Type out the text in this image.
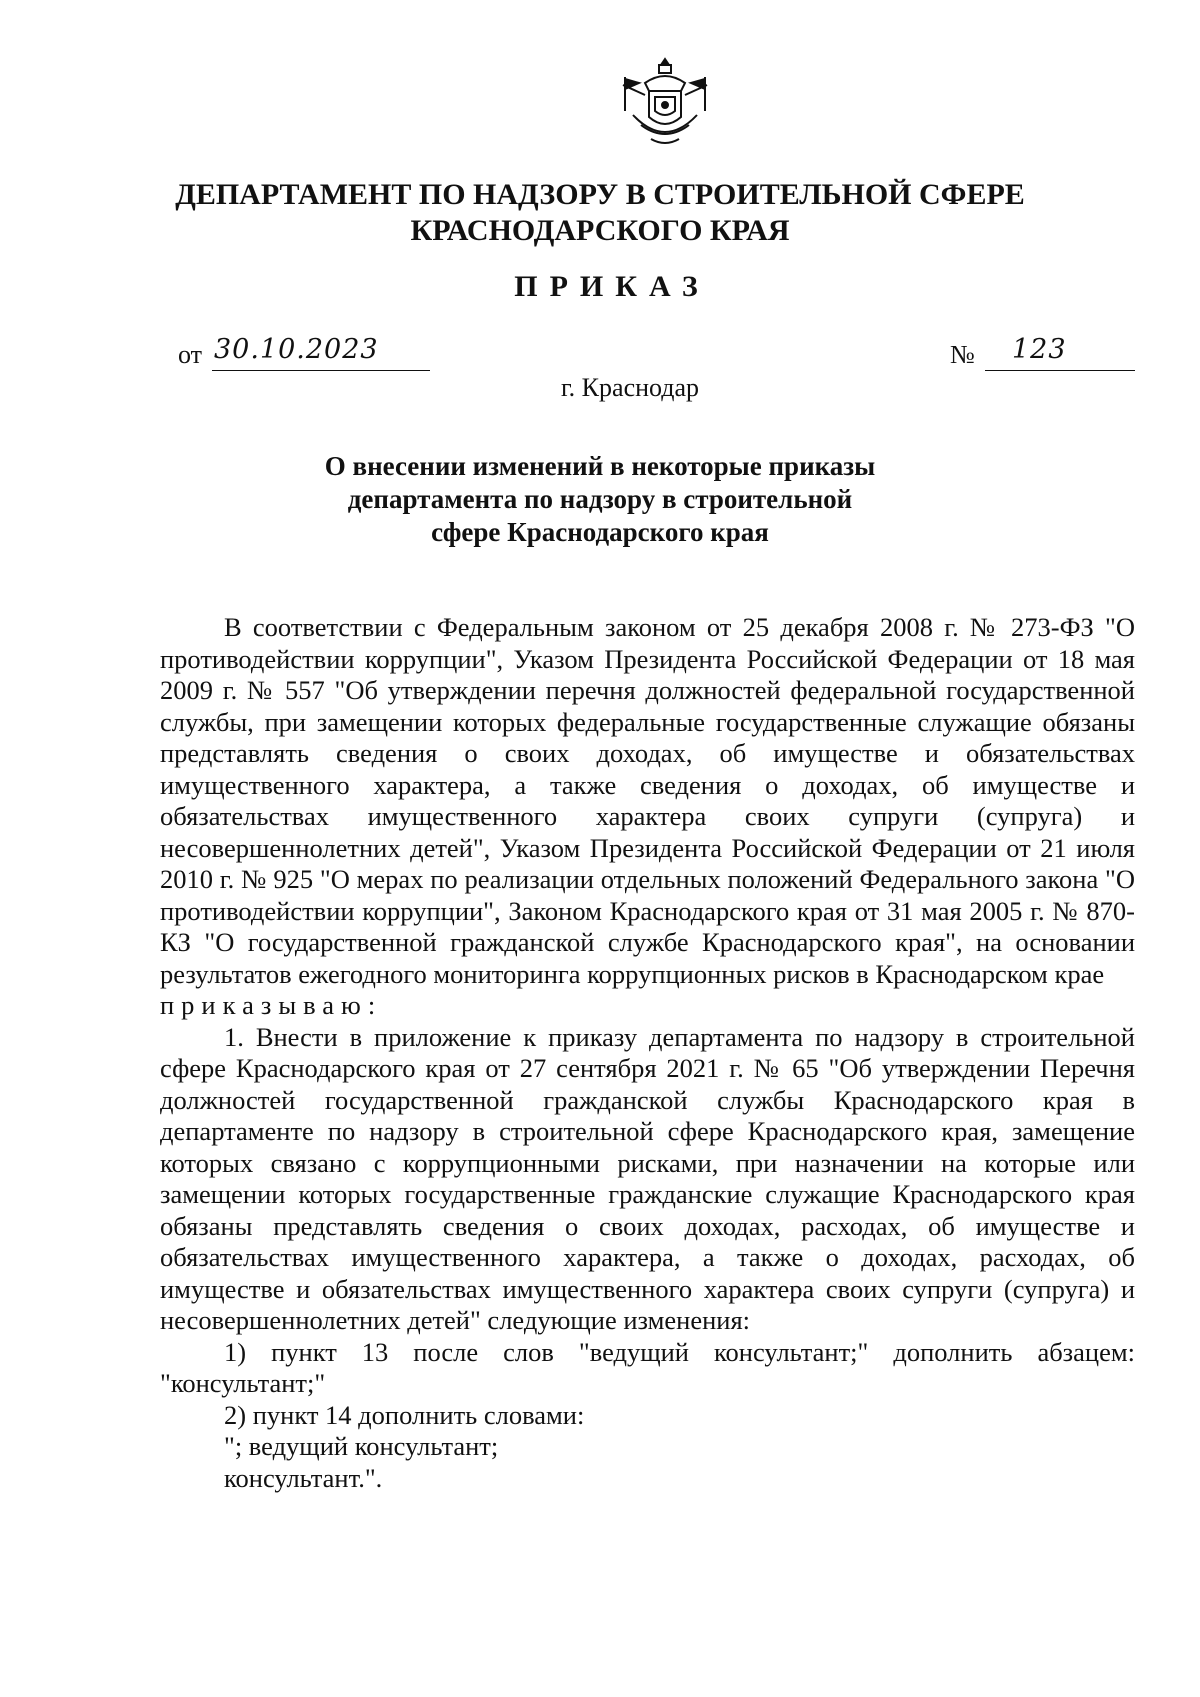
ДЕПАРТАМЕНТ ПО НАДЗОРУ В СТРОИТЕЛЬНОЙ СФЕРЕ
КРАСНОДАРСКОГО КРАЯ
ПРИКАЗ
от 30.10.2023	№ 123
г. Краснодар
О внесении изменений в некоторые приказы
департамента по надзору в строительной
сфере Краснодарского края

В соответствии с Федеральным законом от 25 декабря 2008 г. № 273-ФЗ "О противодействии коррупции", Указом Президента Российской Федерации от 18 мая 2009 г. № 557 "Об утверждении перечня должностей федеральной государственной службы, при замещении которых федеральные государственные служащие обязаны представлять сведения о своих доходах, об имуществе и обязательствах имущественного характера, а также сведения о доходах, об имуществе и обязательствах имущественного характера своих супруги (супруга) и несовершеннолетних детей", Указом Президента Российской Федерации от 21 июля 2010 г. № 925 "О мерах по реализации отдельных положений Федерального закона "О противодействии коррупции", Законом Краснодарского края от 31 мая 2005 г. № 870-КЗ "О государственной гражданской службе Краснодарского края", на основании результатов ежегодного мониторинга коррупционных рисков в Краснодарском крае

приказываю:

1. Внести в приложение к приказу департамента по надзору в строительной сфере Краснодарского края от 27 сентября 2021 г. № 65 "Об утверждении Перечня должностей государственной гражданской службы Краснодарского края в департаменте по надзору в строительной сфере Краснодарского края, замещение которых связано с коррупционными рисками, при назначении на которые или замещении которых государственные гражданские служащие Краснодарского края обязаны представлять сведения о своих доходах, расходах, об имуществе и обязательствах имущественного характера, а также о доходах, расходах, об имуществе и обязательствах имущественного характера своих супруги (супруга) и несовершеннолетних детей" следующие изменения:

1) пункт 13 после слов "ведущий консультант;" дополнить абзацем: "консультант;"

2) пункт 14 дополнить словами:

"; ведущий консультант;

консультант.".
